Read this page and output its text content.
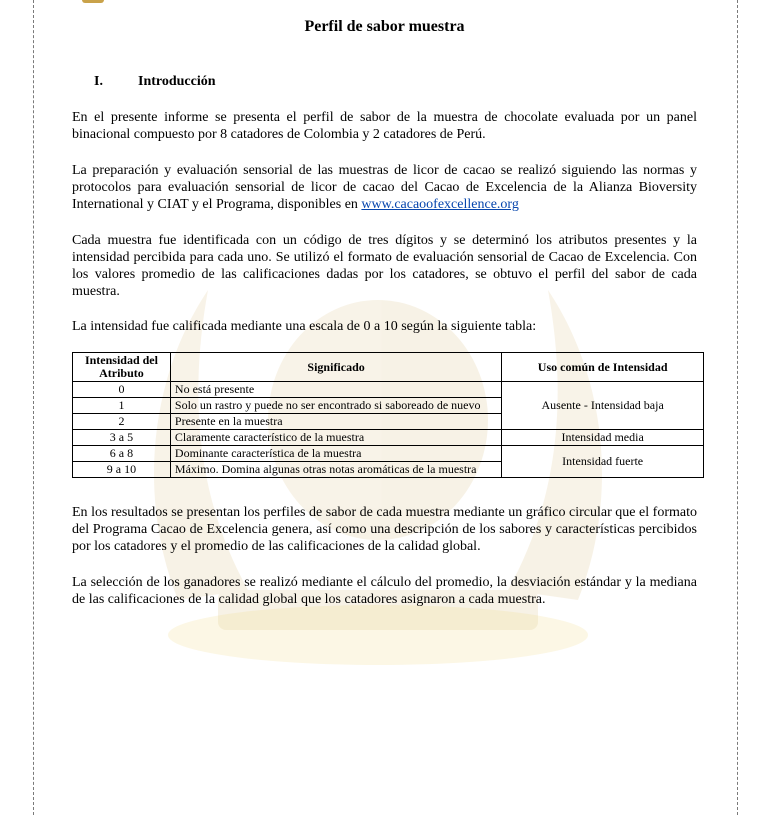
Perfil de sabor muestra
I.	Introducción

En el presente informe se presenta el perfil de sabor de la muestra de chocolate evaluada por un panel binacional compuesto por 8 catadores de Colombia y 2 catadores de Perú.

La preparación y evaluación sensorial de las muestras de licor de cacao se realizó siguiendo las normas y protocolos para evaluación sensorial de licor de cacao del Cacao de Excelencia de la Alianza Bioversity International y CIAT y el Programa, disponibles en www.cacaoofexcellence.org

Cada muestra fue identificada con un código de tres dígitos y se determinó los atributos presentes y la intensidad percibida para cada uno. Se utilizó el formato de evaluación sensorial de Cacao de Excelencia. Con los valores promedio de las calificaciones dadas por los catadores, se obtuvo el perfil del sabor de cada muestra.

La intensidad fue calificada mediante una escala de 0 a 10 según la siguiente tabla:

Intensidad del Atributo	Significado	Uso común de Intensidad
0	No está presente	Ausente - Intensidad baja
1	Solo un rastro y puede no ser encontrado si saboreado de nuevo	
2	Presente en la muestra	
3 a 5	Claramente característico de la muestra	Intensidad media
6 a 8	Dominante característica de la muestra	Intensidad fuerte
9 a 10	Máximo. Domina algunas otras notas aromáticas de la muestra	

En los resultados se presentan los perfiles de sabor de cada muestra mediante un gráfico circular que el formato del Programa Cacao de Excelencia genera, así como una descripción de los sabores y características percibidos por los catadores y el promedio de las calificaciones de la calidad global.

La selección de los ganadores se realizó mediante el cálculo del promedio, la desviación estándar y la mediana de las calificaciones de la calidad global que los catadores asignaron a cada muestra.
